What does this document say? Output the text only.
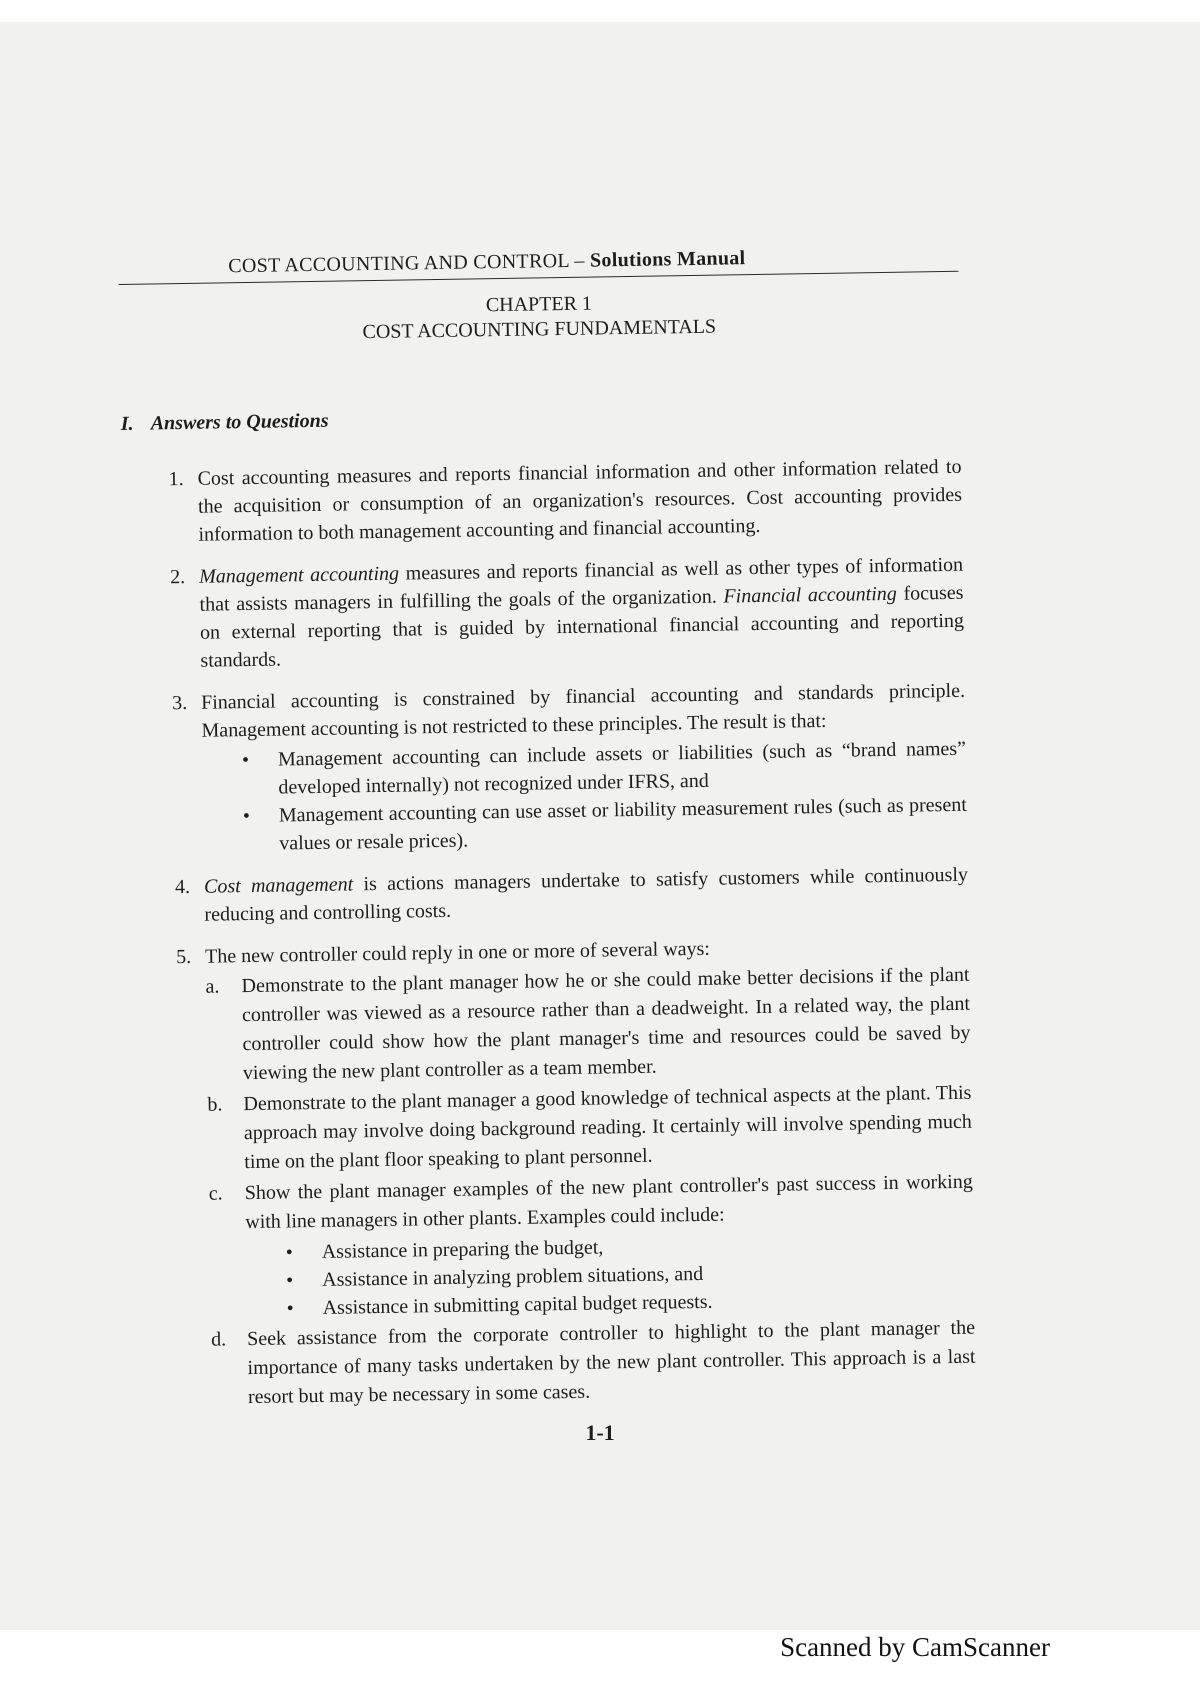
COST ACCOUNTING AND CONTROL – Solutions Manual
CHAPTER 1
COST ACCOUNTING FUNDAMENTALS
I. Answers to Questions
1. Cost accounting measures and reports financial information and other information related to the acquisition or consumption of an organization's resources. Cost accounting provides information to both management accounting and financial accounting.
2. Management accounting measures and reports financial as well as other types of information that assists managers in fulfilling the goals of the organization. Financial accounting focuses on external reporting that is guided by international financial accounting and reporting standards.
3. Financial accounting is constrained by financial accounting and standards principle. Management accounting is not restricted to these principles. The result is that:
•	Management accounting can include assets or liabilities (such as “brand names” developed internally) not recognized under IFRS, and
•	Management accounting can use asset or liability measurement rules (such as present values or resale prices).
4. Cost management is actions managers undertake to satisfy customers while continuously reducing and controlling costs.
5. The new controller could reply in one or more of several ways:
a.	Demonstrate to the plant manager how he or she could make better decisions if the plant controller was viewed as a resource rather than a deadweight. In a related way, the plant controller could show how the plant manager's time and resources could be saved by viewing the new plant controller as a team member.
b.	Demonstrate to the plant manager a good knowledge of technical aspects at the plant. This approach may involve doing background reading. It certainly will involve spending much time on the plant floor speaking to plant personnel.
c.	Show the plant manager examples of the new plant controller's past success in working with line managers in other plants. Examples could include:
•	Assistance in preparing the budget,
•	Assistance in analyzing problem situations, and
•	Assistance in submitting capital budget requests.
d.	Seek assistance from the corporate controller to highlight to the plant manager the importance of many tasks undertaken by the new plant controller. This approach is a last resort but may be necessary in some cases.
1-1
Scanned by CamScanner
